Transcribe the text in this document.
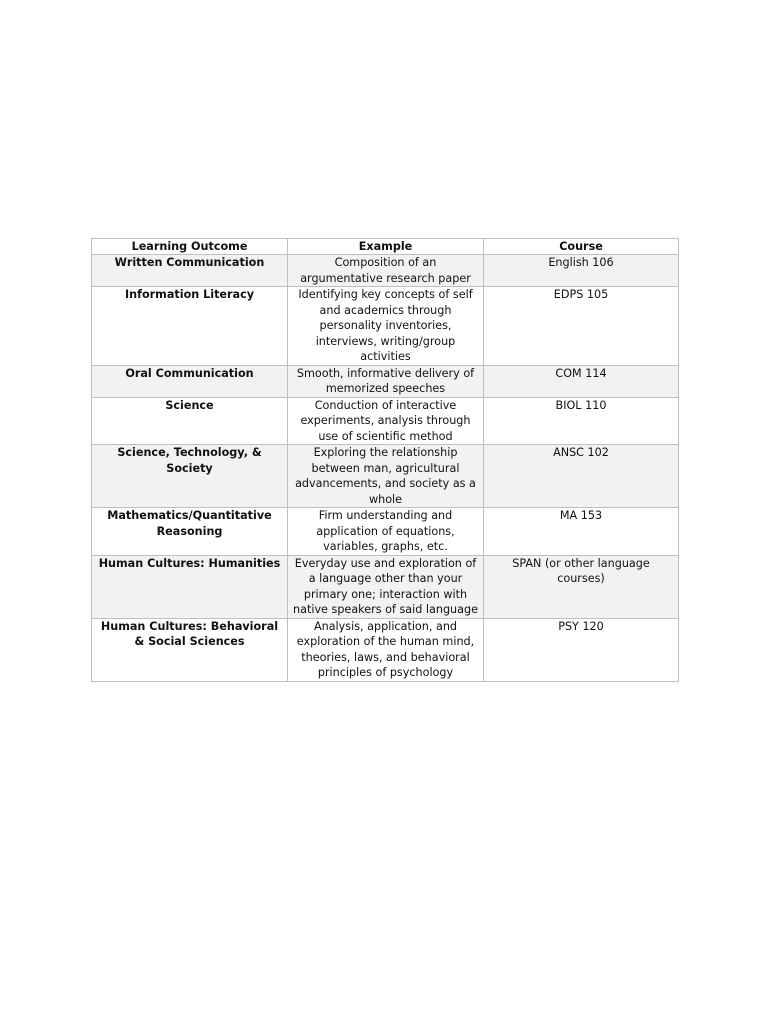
Learning Outcome	Example	Course
Written Communication	Composition of an argumentative research paper	English 106
Information Literacy	Identifying key concepts of self and academics through personality inventories, interviews, writing/group activities	EDPS 105
Oral Communication	Smooth, informative delivery of memorized speeches	COM 114
Science	Conduction of interactive experiments, analysis through use of scientific method	BIOL 110
Science, Technology, & Society	Exploring the relationship between man, agricultural advancements, and society as a whole	ANSC 102
Mathematics/Quantitative Reasoning	Firm understanding and application of equations, variables, graphs, etc.	MA 153
Human Cultures: Humanities	Everyday use and exploration of a language other than your primary one; interaction with native speakers of said language	SPAN (or other language courses)
Human Cultures: Behavioral & Social Sciences	Analysis, application, and exploration of the human mind, theories, laws, and behavioral principles of psychology	PSY 120
